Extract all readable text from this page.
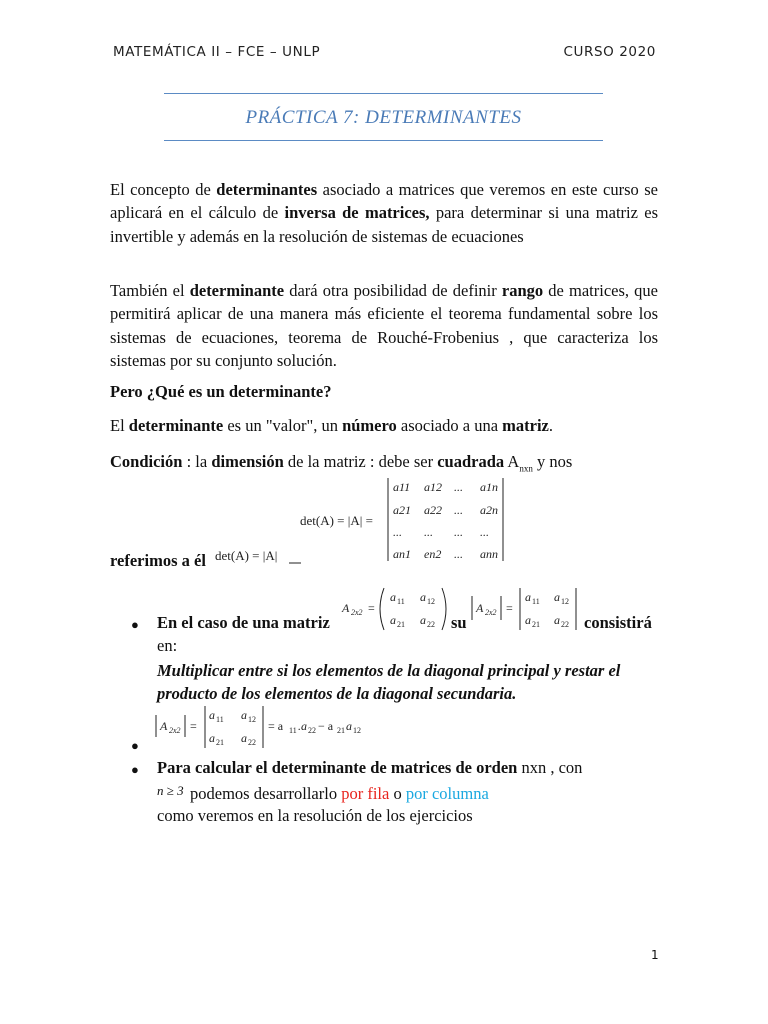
MATEMÁTICA II – FCE – UNLP	CURSO 2020
PRÁCTICA 7: DETERMINANTES
El concepto de determinantes asociado a matrices que veremos en este curso se aplicará en el cálculo de inversa de matrices, para determinar si una matriz es invertible y además en la resolución de sistemas de ecuaciones
También el determinante dará otra posibilidad de definir rango de matrices, que permitirá aplicar de una manera más eficiente el teorema fundamental sobre los sistemas de ecuaciones, teorema de Rouché-Frobenius , que caracteriza los sistemas por su conjunto solución.
Pero ¿Qué es un determinante?
El determinante es un "valor", un número asociado a una matriz.
Condición : la dimensión de la matriz : debe ser cuadrada $A_{nxn}$ y nos
det(A) = |A| =
a11 a12 ... a1n
a21 a22 ... a2n
... ... ... ...
an1 en2 ... ann
referimos a él det(A) = |A|
● En el caso de una matriz
A 2x2 =
a 11 a 12
a 21 a 22 su
A 2x2 =
a 11 a 12
a 21 a 22 consistirá
en:
Multiplicar entre si los elementos de la diagonal principal y restar el producto de los elementos de la diagonal secundaria.
A 2x2 =
a 11 a 12
a 21 a 22
= a 11 .a 22 − a 21 a 12
●
● Para calcular el determinante de matrices de orden nxn , con
n ≥ 3 podemos desarrollarlo por fila o por columna
como veremos en la resolución de los ejercicios
1
